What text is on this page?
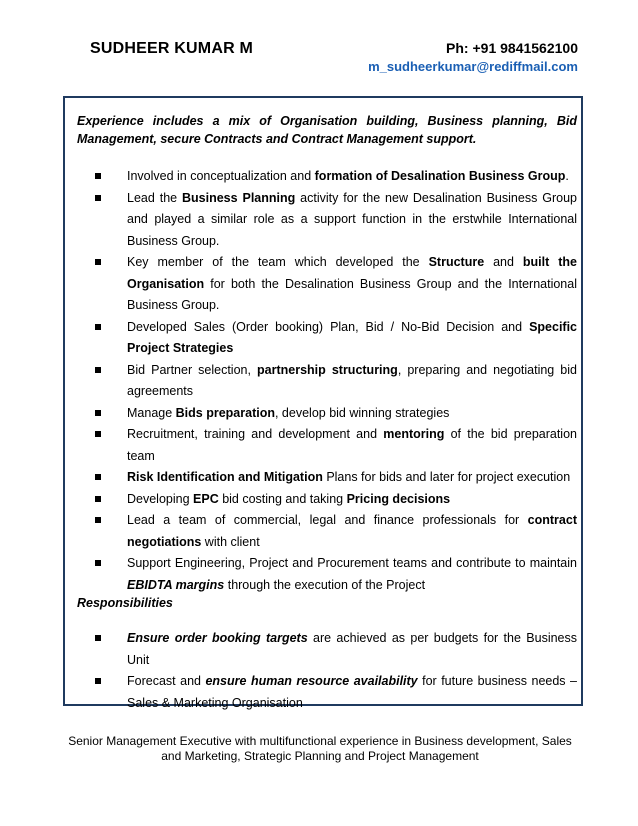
SUDHEER KUMAR M	Ph: +91 9841562100
m_sudheerkumar@rediffmail.com
Experience includes a mix of Organisation building, Business planning, Bid Management, secure Contracts and Contract Management support.
Involved in conceptualization and formation of Desalination Business Group.
Lead the Business Planning activity for the new Desalination Business Group and played a similar role as a support function in the erstwhile International Business Group.
Key member of the team which developed the Structure and built the Organisation for both the Desalination Business Group and the International Business Group.
Developed Sales (Order booking) Plan, Bid / No-Bid Decision and Specific Project Strategies
Bid Partner selection, partnership structuring, preparing and negotiating bid agreements
Manage Bids preparation, develop bid winning strategies
Recruitment, training and development and mentoring of the bid preparation team
Risk Identification and Mitigation Plans for bids and later for project execution
Developing EPC bid costing and taking Pricing decisions
Lead a team of commercial, legal and finance professionals for contract negotiations with client
Support Engineering, Project and Procurement teams and contribute to maintain EBIDTA margins through the execution of the Project
Responsibilities
Ensure order booking targets are achieved as per budgets for the Business Unit
Forecast and ensure human resource availability for future business needs – Sales & Marketing Organisation
Senior Management Executive with multifunctional experience in Business development, Sales and Marketing, Strategic Planning and Project Management
